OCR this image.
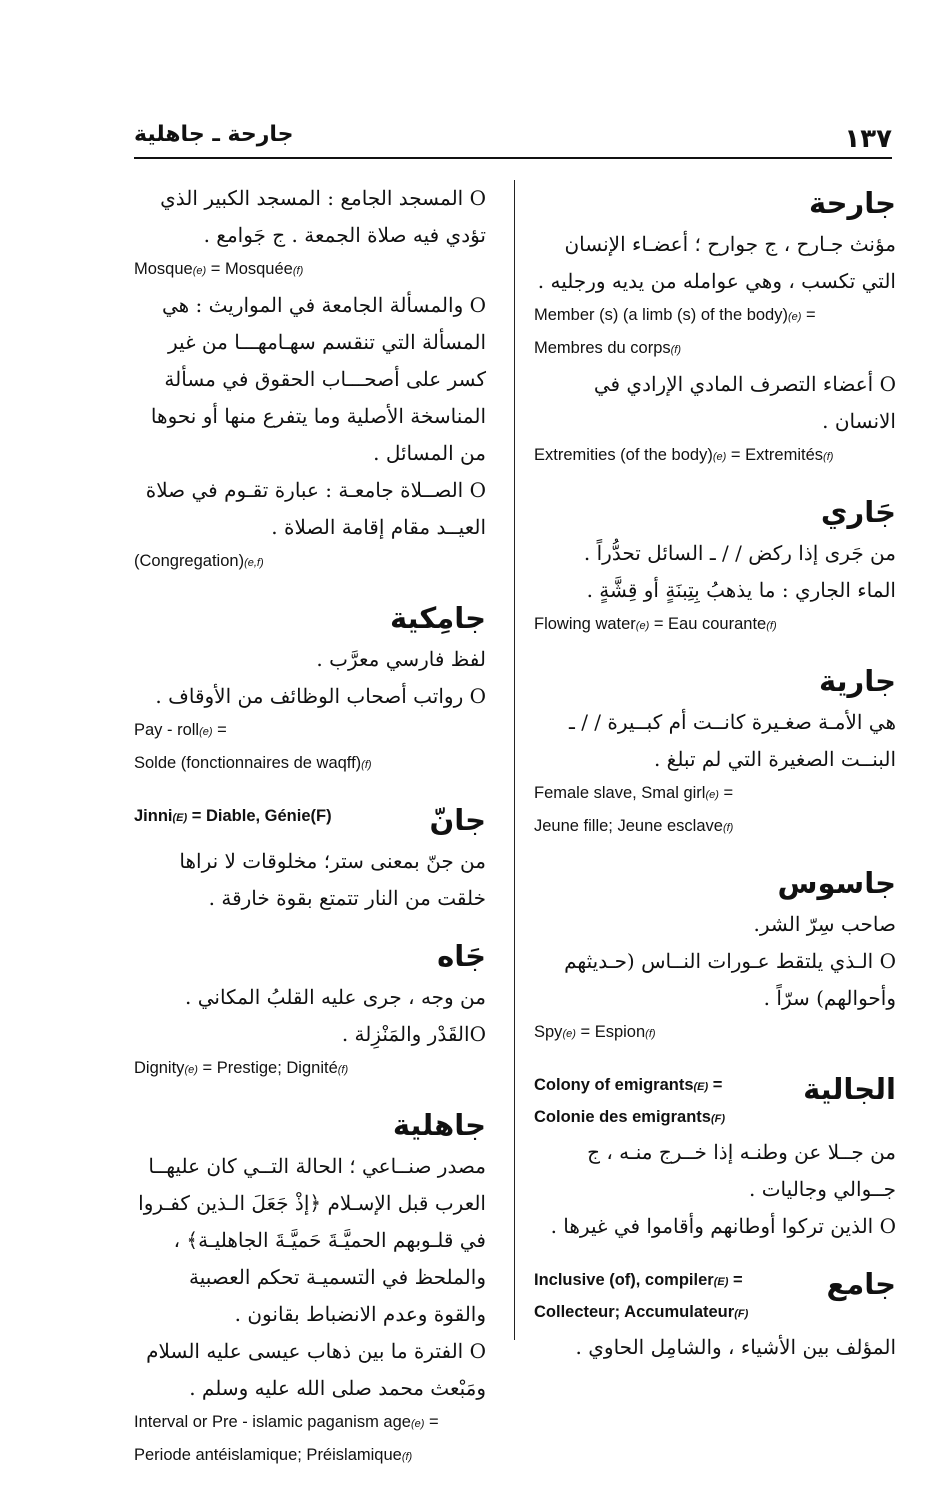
١٣٧
جارحة ـ جاهلية
جارحة
مؤنث جـارح ، ج جوارح ؛ أعضـاء الإنسان التي تكسب ، وهي عوامله من يديه ورجليه .
Member (s) (a limb (s) of the body)(e) =
Membres du corps(f)
O أعضاء التصرف المادي الإرادي في الانسان .
Extremities (of the body)(e) = Extremités(f)
جَاري
من جَرى إذا ركض / / ـ السائل تحدُّراً .
الماء الجاري : ما يذهبُ بِتِبنَةٍ أو قِشَّةٍ .
Flowing water(e) = Eau courante(f)
جارية
هي الأمـة صغـيرة كانــت أم كبــيرة / / ـ البنــت الصغيرة التي لم تبلغ .
Female slave, Smal girl(e) =
Jeune fille; Jeune esclave(f)
جاسوس
صاحب سِرّ الشر.
O الـذي يلتقط عـورات النــاس (حـديثهم وأحوالهم) سرّاً .
Spy(e) = Espion(f)
Colony of emigrants(E) =
Colonie des emigrants(F)
الجالية
من جــلا عن وطنـه إذا خــرج منـه ، ج جــوالي وجاليات .
O الذين تركوا أوطانهم وأقاموا في غيرها .
Inclusive (of), compiler(E) =
Collecteur; Accumulateur(F)
جامع
المؤلف بين الأشياء ، والشامِل الحاوي .
O المسجد الجامع : المسجد الكبير الذي تؤدي فيه صلاة الجمعة . ج جَوامع .
Mosque(e) = Mosquée(f)
O والمسألة الجامعة في المواريث : هي المسألة التي تنقسم سهـامهـــا من غير كسر على أصحـــاب الحقوق في مسألة المناسخة الأصلية وما يتفرع منها أو نحوها من المسائل .
O الصــلاة جامعـة : عبارة تقـوم في صلاة العيــد مقام إقامة الصلاة .
(Congregation)(e,f)
جامِكية
لفظ فارسي معرَّب .
O رواتب أصحاب الوظائف من الأوقاف .
Pay - roll(e) =
Solde (fonctionnaires de waqff)(f)
Jinni(E) = Diable, Génie(F)	جانّ
من جنّ بمعنى ستر؛ مخلوقات لا نراها خلقت من النار تتمتع بقوة خارقة .
جَاه
من وجه ، جرى عليه القلبُ المكاني .
Oالقَدْر والمَنْزِلة .
Dignity(e) = Prestige; Dignité(f)
جاهلية
مصدر صنــاعي ؛ الحالة التــي كان عليهــا العرب قبل الإسـلام ﴿إذْ جَعَلَ الـذين كفـروا في قلـوبهم الحميَّـةَ حَميَّـةَ الجاهليـة﴾ ، والملحظ في التسميـة تحكم العصبية والقوة وعدم الانضباط بقانون .
O الفترة ما بين ذهاب عيسى عليه السلام ومَبْعث محمد صلى الله عليه وسلم .
Interval or Pre - islamic paganism age(e) =
Periode antéislamique; Préislamique(f)
